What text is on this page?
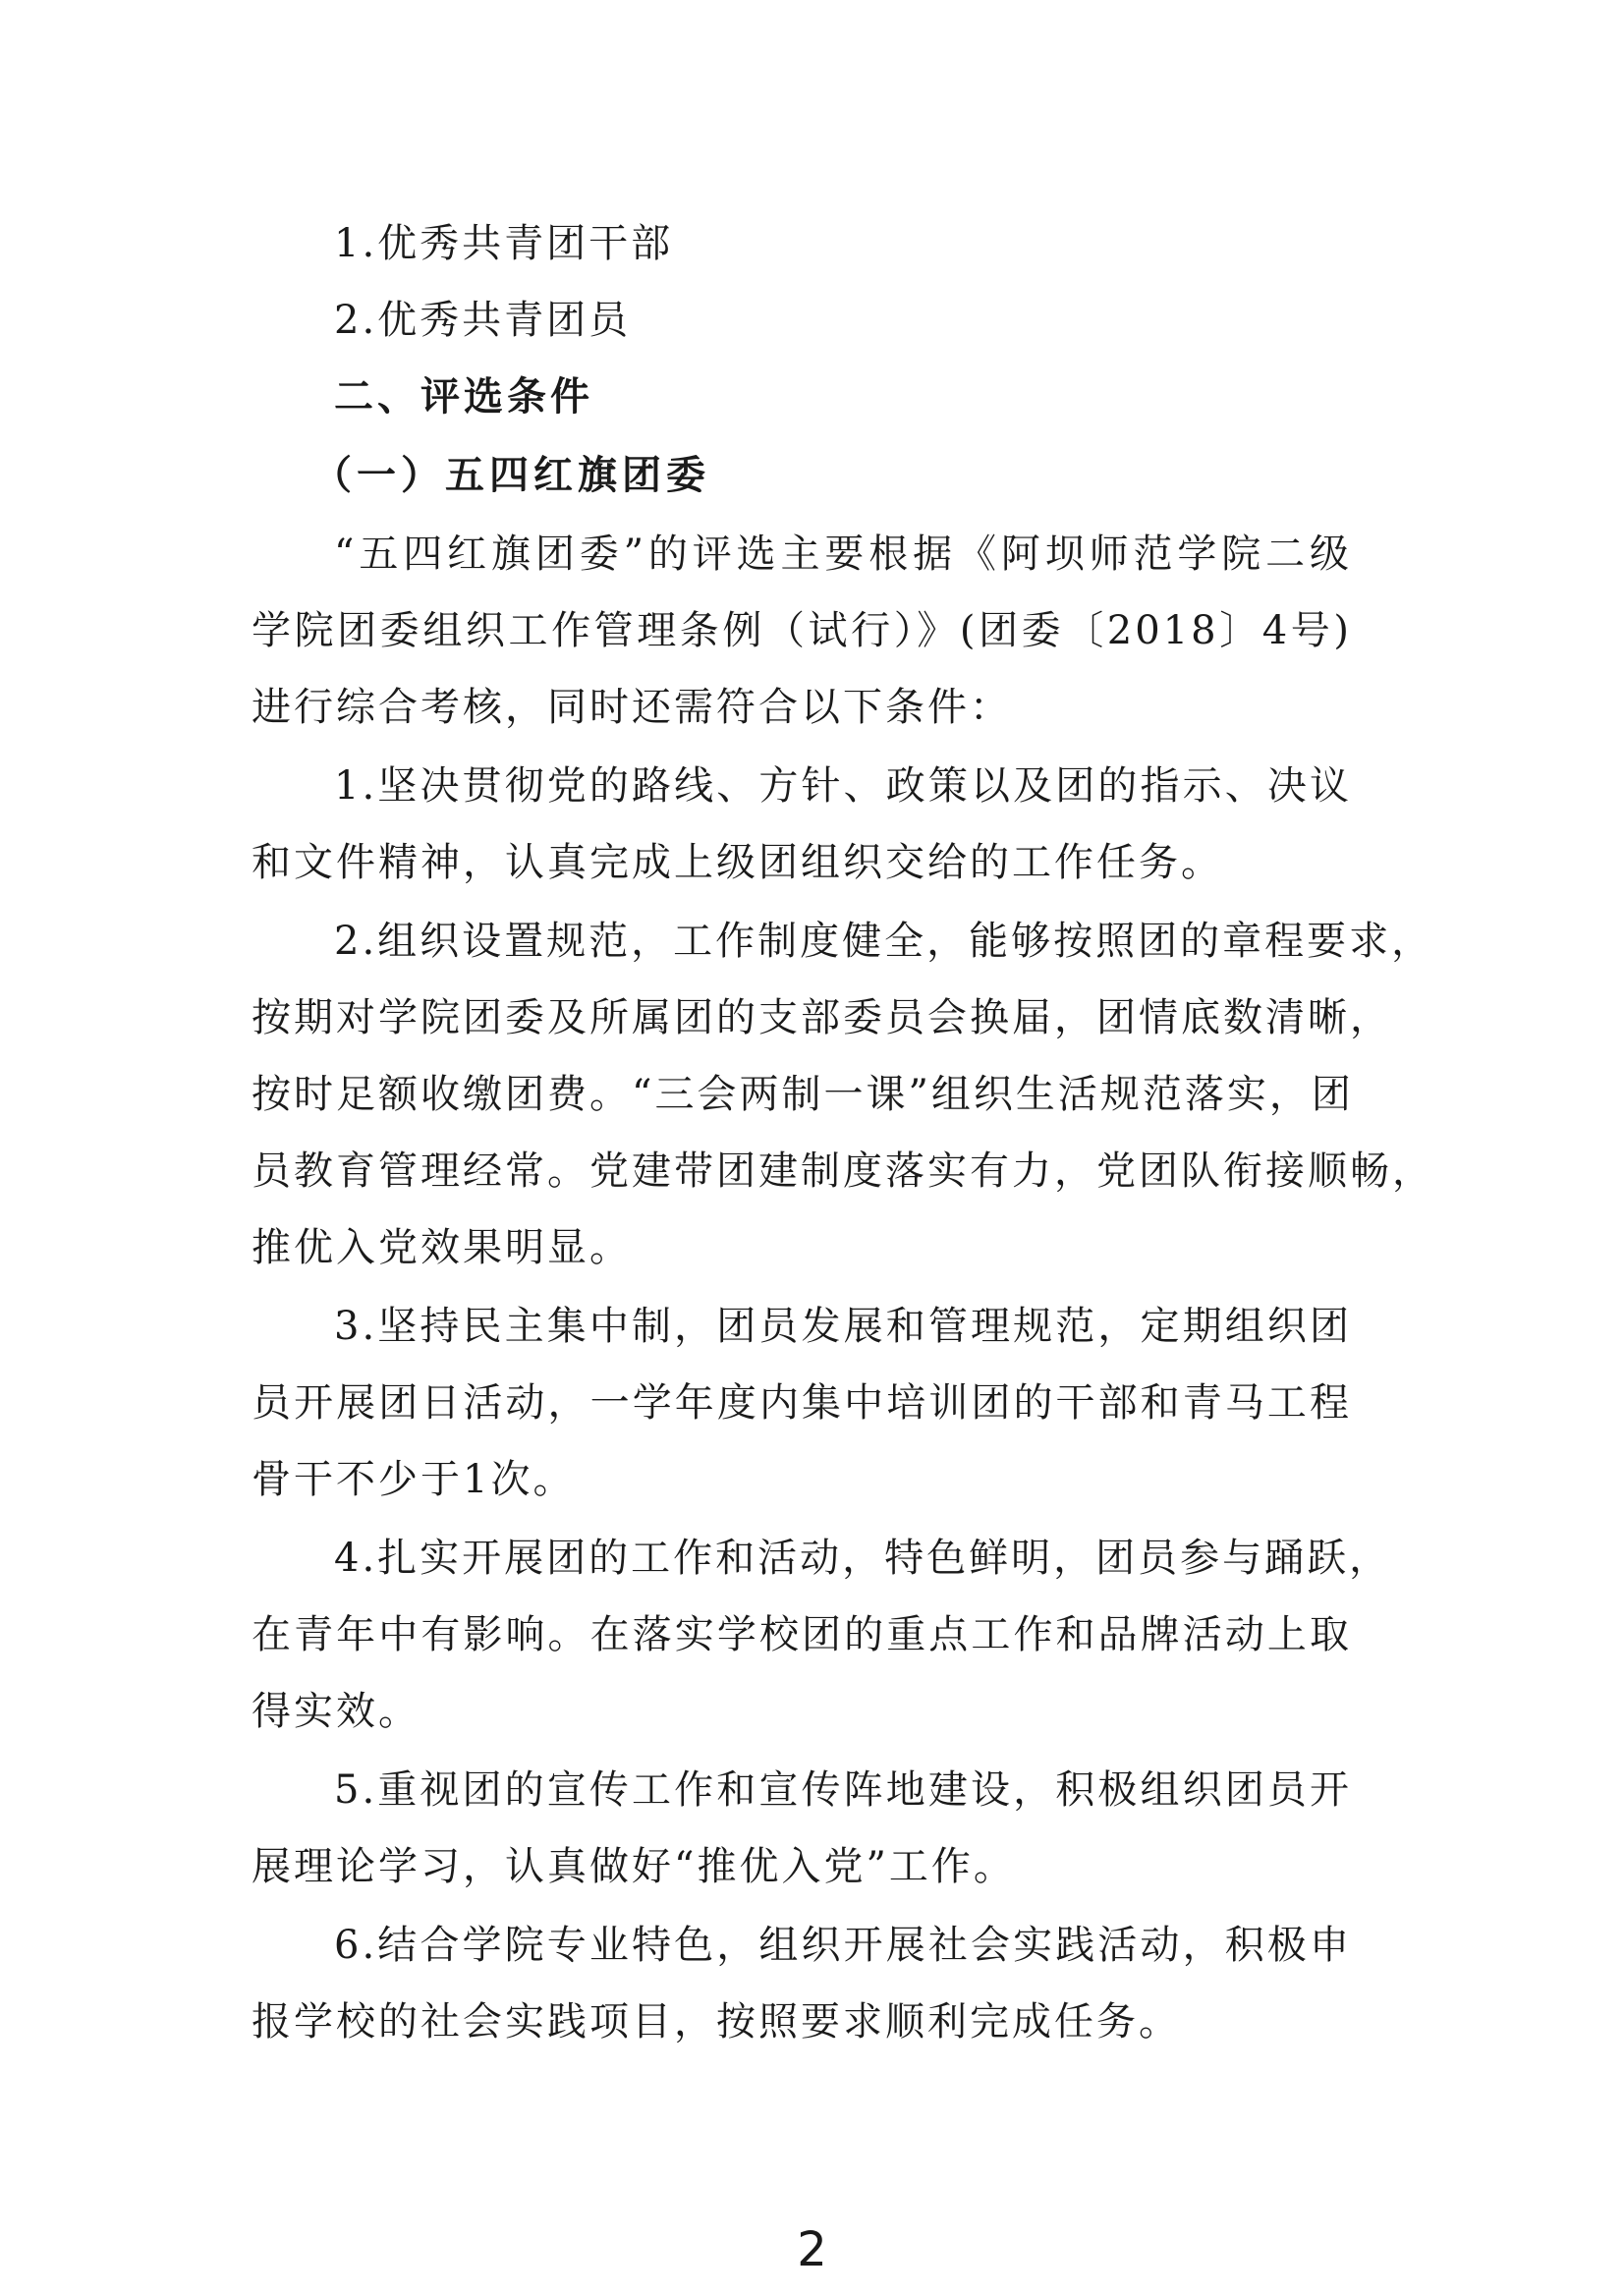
1.优秀共青团干部
2.优秀共青团员
二、评选条件
（一）五四红旗团委
“五四红旗团委”的评选主要根据《阿坝师范学院二级
学院团委组织工作管理条例（试行）》(团委〔2018〕4号)
进行综合考核，同时还需符合以下条件：
1.坚决贯彻党的路线、方针、政策以及团的指示、决议
和文件精神，认真完成上级团组织交给的工作任务。
2.组织设置规范，工作制度健全，能够按照团的章程要求，
按期对学院团委及所属团的支部委员会换届，团情底数清晰，
按时足额收缴团费。“三会两制一课”组织生活规范落实，团
员教育管理经常。党建带团建制度落实有力，党团队衔接顺畅，
推优入党效果明显。
3.坚持民主集中制，团员发展和管理规范，定期组织团
员开展团日活动，一学年度内集中培训团的干部和青马工程
骨干不少于1次。
4.扎实开展团的工作和活动，特色鲜明，团员参与踊跃，
在青年中有影响。在落实学校团的重点工作和品牌活动上取
得实效。
5.重视团的宣传工作和宣传阵地建设，积极组织团员开
展理论学习，认真做好“推优入党”工作。
6.结合学院专业特色，组织开展社会实践活动，积极申
报学校的社会实践项目，按照要求顺利完成任务。
2
